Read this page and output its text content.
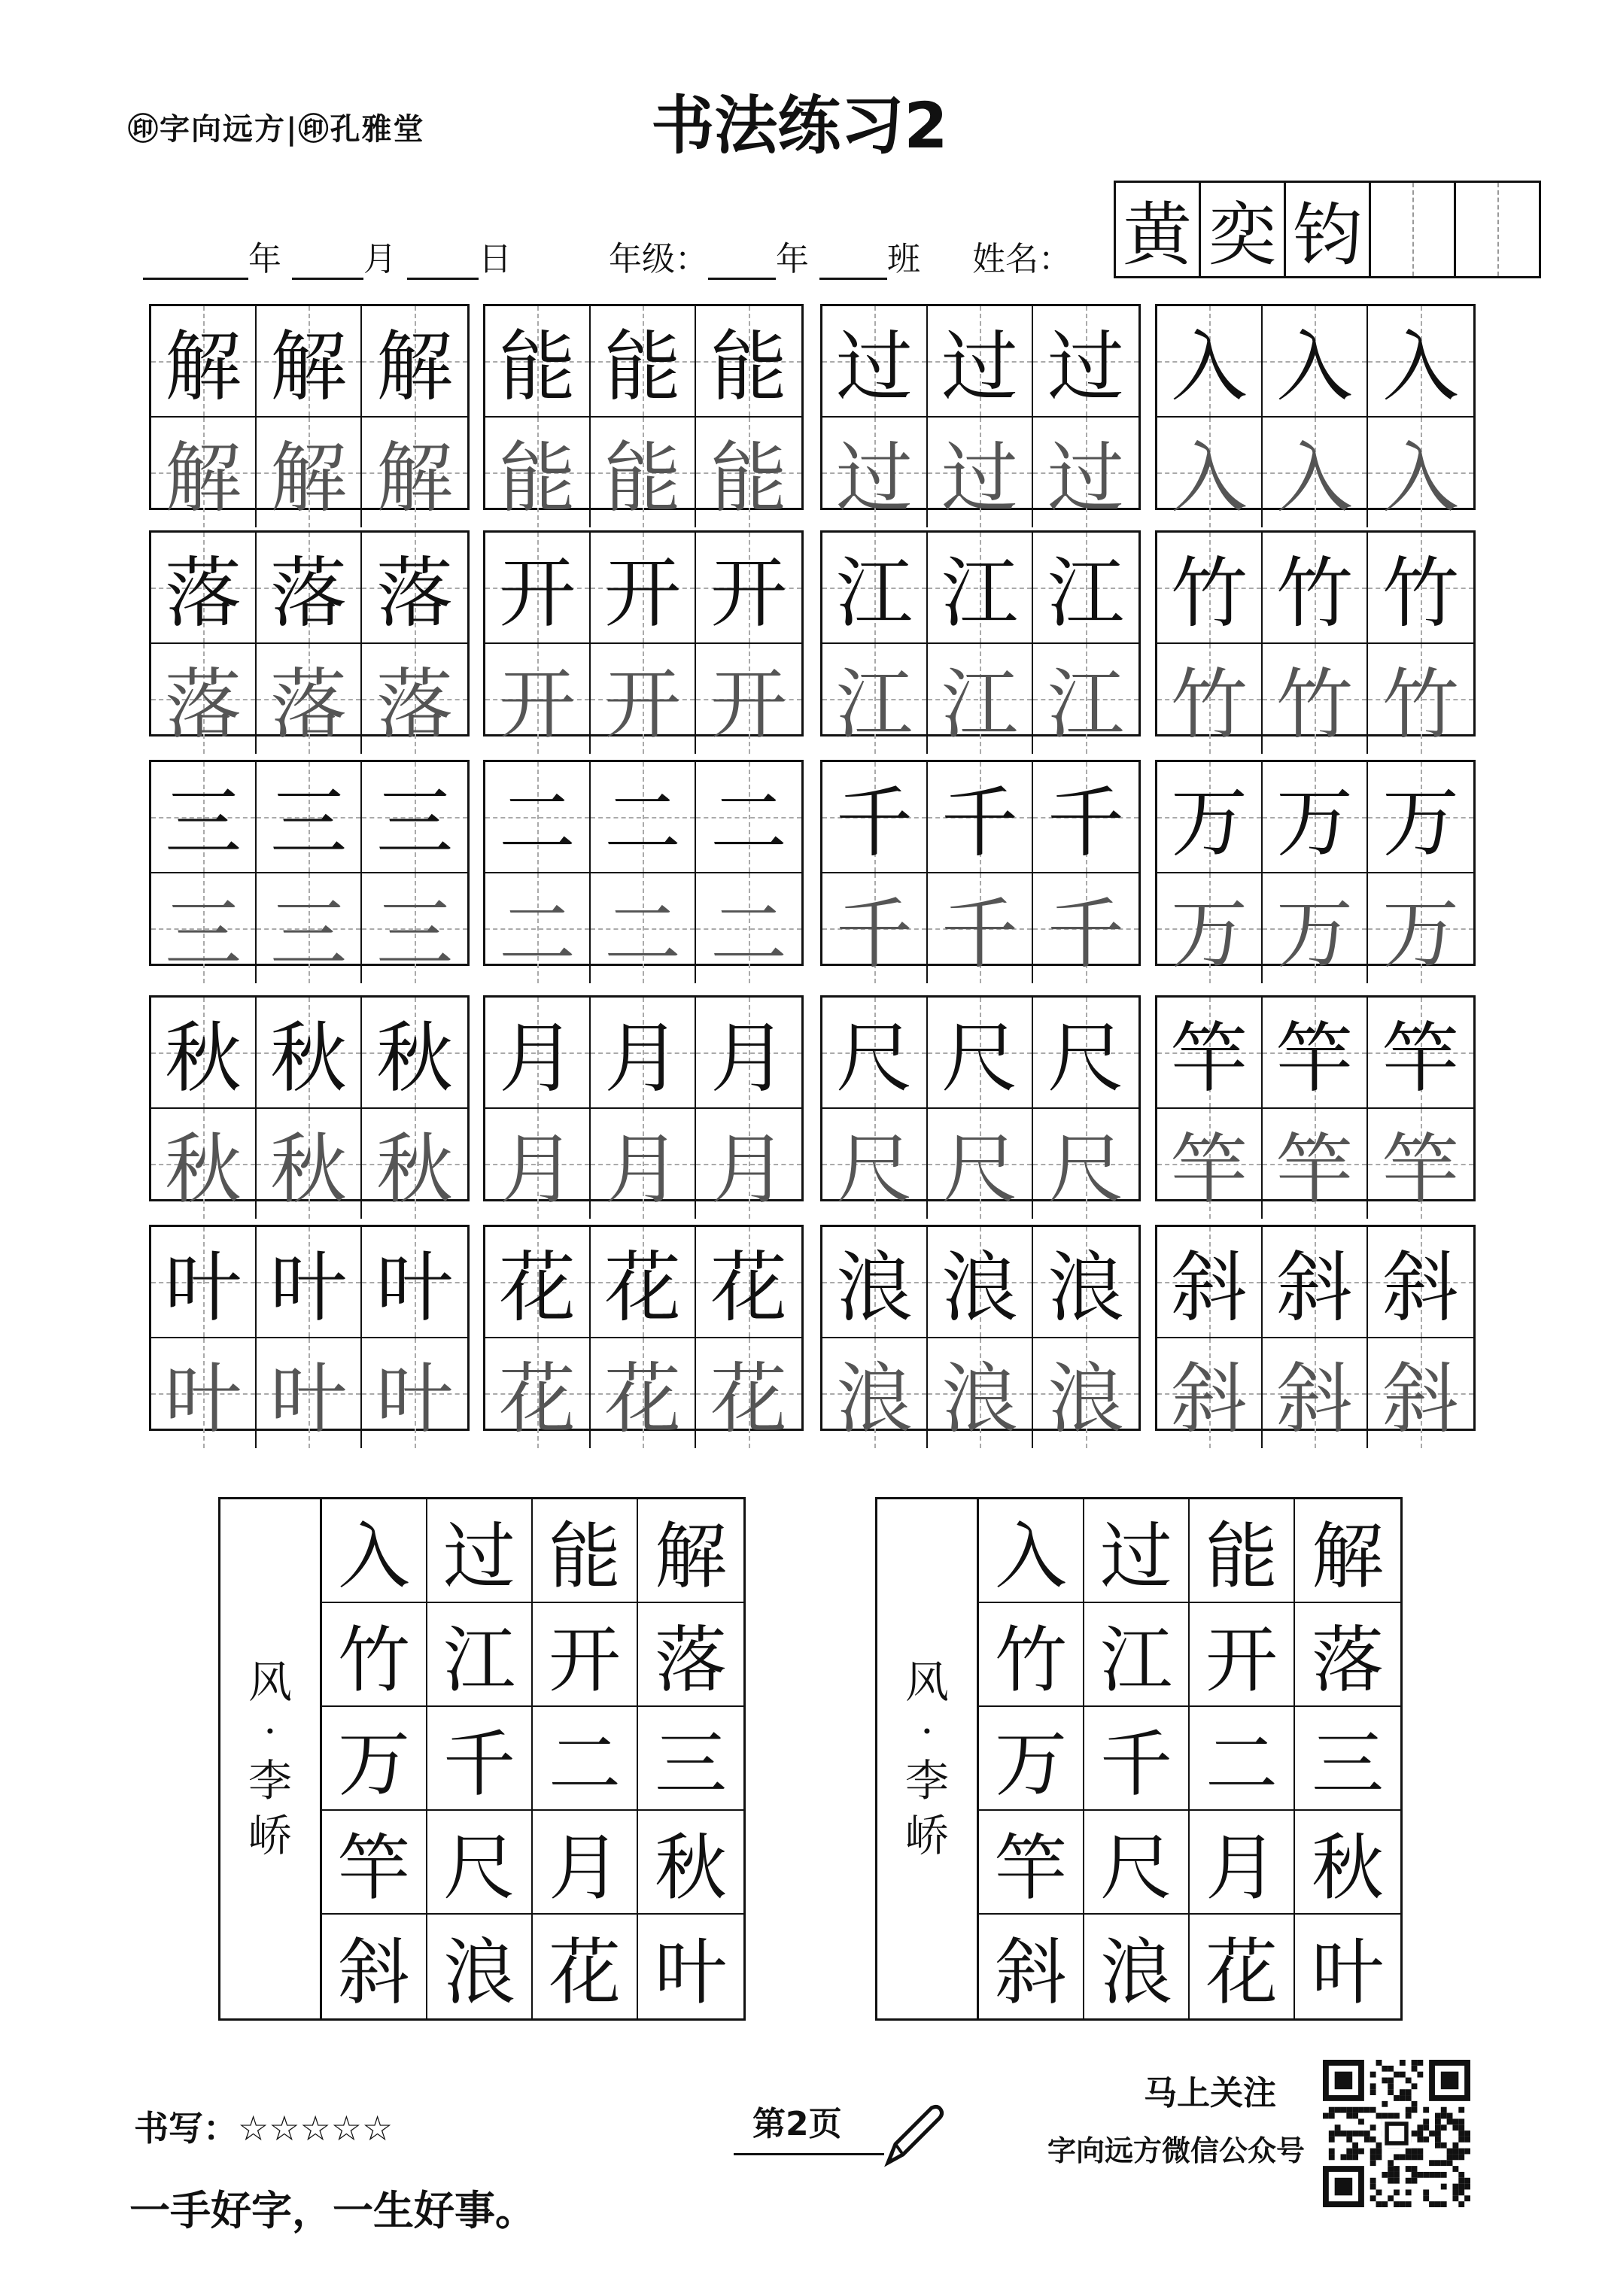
㊞字向远方|㊞孔雅堂	书法练习2
年 月 日	年级： 年 班 姓名： 黄 奕 钧
解 解 解
解 解 解
能 能 能
能 能 能
过 过 过
过 过 过
入 入 入
入 入 入
落 落 落
落 落 落
开 开 开
开 开 开
江 江 江
江 江 江
竹 竹 竹
竹 竹 竹
三 三 三
三 三 三
二 二 二
二 二 二
千 千 千
千 千 千
万 万 万
万 万 万
秋 秋 秋
秋 秋 秋
月 月 月
月 月 月
尺 尺 尺
尺 尺 尺
竿 竿 竿
竿 竿 竿
叶 叶 叶
叶 叶 叶
花 花 花
花 花 花
浪 浪 浪
浪 浪 浪
斜 斜 斜
斜 斜 斜
风
·
李
峤
入 过 能 解
竹 江 开 落
万 千 二 三
竿 尺 月 秋
斜 浪 花 叶
风
·
李
峤
入 过 能 解
竹 江 开 落
万 千 二 三
竿 尺 月 秋
斜 浪 花 叶
书写：☆☆☆☆☆
一手好字，一生好事。
第2页
马上关注
字向远方微信公众号
